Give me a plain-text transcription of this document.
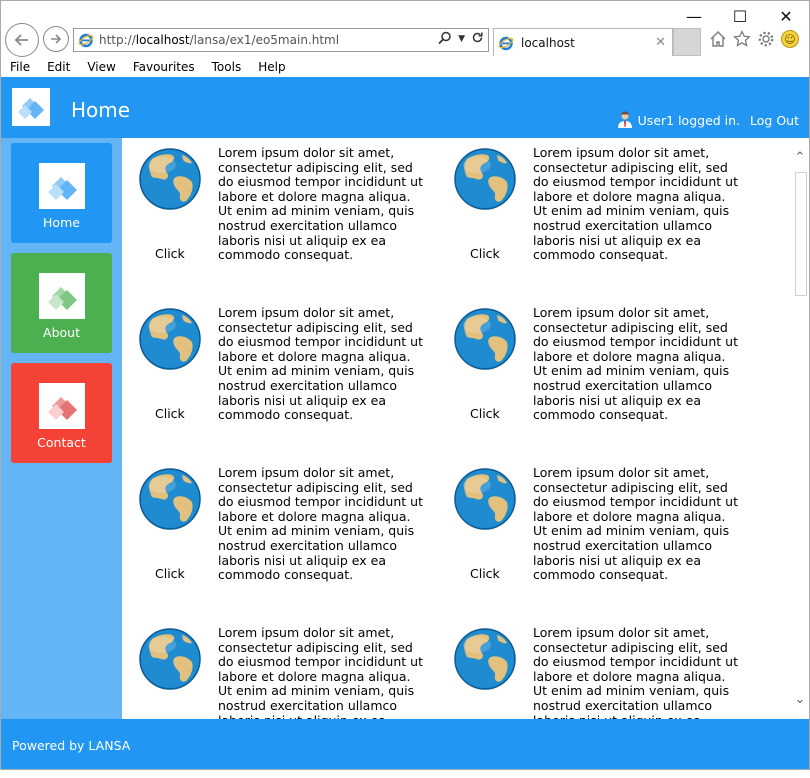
—	☐	✕
http://localhost/lansa/ex1/eo5main.html	▼	localhost	✕	☺
File	Edit	View	Favourites	Tools	Help
Home	User1 logged in. Log Out
Home
About
Contact
Click
Lorem ipsum dolor sit amet, consectetur adipiscing elit, sed do eiusmod tempor incididunt ut labore et dolore magna aliqua. Ut enim ad minim veniam, quis nostrud exercitation ullamco laboris nisi ut aliquip ex ea commodo consequat.	Click
Lorem ipsum dolor sit amet, consectetur adipiscing elit, sed do eiusmod tempor incididunt ut labore et dolore magna aliqua. Ut enim ad minim veniam, quis nostrud exercitation ullamco laboris nisi ut aliquip ex ea commodo consequat.
Click
Lorem ipsum dolor sit amet, consectetur adipiscing elit, sed do eiusmod tempor incididunt ut labore et dolore magna aliqua. Ut enim ad minim veniam, quis nostrud exercitation ullamco laboris nisi ut aliquip ex ea commodo consequat.	Click
Lorem ipsum dolor sit amet, consectetur adipiscing elit, sed do eiusmod tempor incididunt ut labore et dolore magna aliqua. Ut enim ad minim veniam, quis nostrud exercitation ullamco laboris nisi ut aliquip ex ea commodo consequat.
Click
Lorem ipsum dolor sit amet, consectetur adipiscing elit, sed do eiusmod tempor incididunt ut labore et dolore magna aliqua. Ut enim ad minim veniam, quis nostrud exercitation ullamco laboris nisi ut aliquip ex ea commodo consequat.	Click
Lorem ipsum dolor sit amet, consectetur adipiscing elit, sed do eiusmod tempor incididunt ut labore et dolore magna aliqua. Ut enim ad minim veniam, quis nostrud exercitation ullamco laboris nisi ut aliquip ex ea commodo consequat.
Lorem ipsum dolor sit amet, consectetur adipiscing elit, sed do eiusmod tempor incididunt ut labore et dolore magna aliqua. Ut enim ad minim veniam, quis nostrud exercitation ullamco
Lorem ipsum dolor sit amet, consectetur adipiscing elit, sed do eiusmod tempor incididunt ut labore et dolore magna aliqua. Ut enim ad minim veniam, quis nostrud exercitation ullamco
⌃
⌄
Powered by LANSA
